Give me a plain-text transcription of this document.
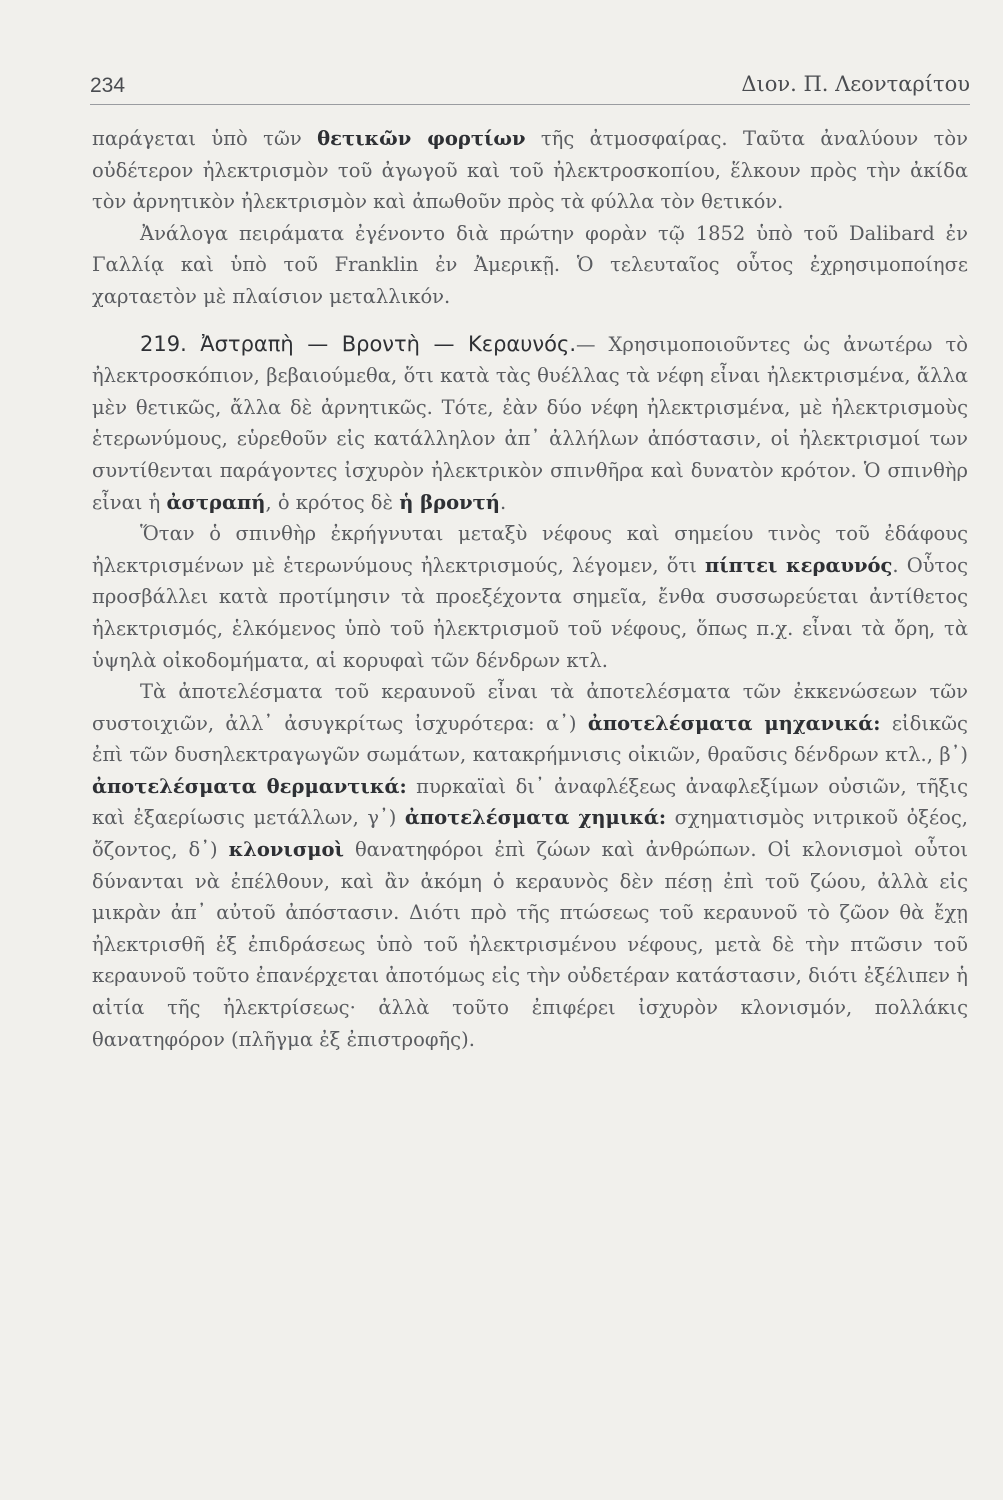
234	Διον. Π. Λεονταρίτου

παράγεται ὑπὸ τῶν θετικῶν φορτίων τῆς ἀτμοσφαίρας. Ταῦτα ἀναλύουν τὸν οὐδέτερον ἠλεκτρισμὸν τοῦ ἀγωγοῦ καὶ τοῦ ἠλεκτροσκοπίου, ἕλκουν πρὸς τὴν ἀκίδα τὸν ἀρνητικὸν ἠλεκτρισμὸν καὶ ἀπωθοῦν πρὸς τὰ φύλλα τὸν θετικόν.

Ἀνάλογα πειράματα ἐγένοντο διὰ πρώτην φορὰν τῷ 1852 ὑπὸ τοῦ Dalibard ἐν Γαλλίᾳ καὶ ὑπὸ τοῦ Franklin ἐν Ἀμερικῇ. Ὁ τελευταῖος οὗτος ἐχρησιμοποίησε χαρταετὸν μὲ πλαίσιον μεταλλικόν.

219. Ἀστραπὴ — Βροντὴ — Κεραυνός.— Χρησιμοποιοῦντες ὡς ἀνωτέρω τὸ ἠλεκτροσκόπιον, βεβαιούμεθα, ὅτι κατὰ τὰς θυέλλας τὰ νέφη εἶναι ἠλεκτρισμένα, ἄλλα μὲν θετικῶς, ἄλλα δὲ ἀρνητικῶς. Τότε, ἐὰν δύο νέφη ἠλεκτρισμένα, μὲ ἠλεκτρισμοὺς ἑτερωνύμους, εὑρεθοῦν εἰς κατάλληλον ἀπ᾿ ἀλλήλων ἀπόστασιν, οἱ ἠλεκτρισμοί των συντίθενται παράγοντες ἰσχυρὸν ἠλεκτρικὸν σπινθῆρα καὶ δυνατὸν κρότον. Ὁ σπινθὴρ εἶναι ἡ ἀστραπή, ὁ κρότος δὲ ἡ βροντή.

Ὅταν ὁ σπινθὴρ ἐκρήγνυται μεταξὺ νέφους καὶ σημείου τινὸς τοῦ ἐδάφους ἠλεκτρισμένων μὲ ἑτερωνύμους ἠλεκτρισμούς, λέγομεν, ὅτι πίπτει κεραυνός. Οὗτος προσβάλλει κατὰ προτίμησιν τὰ προεξέχοντα σημεῖα, ἔνθα συσσωρεύεται ἀντίθετος ἠλεκτρισμός, ἑλκόμενος ὑπὸ τοῦ ἠλεκτρισμοῦ τοῦ νέφους, ὅπως π.χ. εἶναι τὰ ὄρη, τὰ ὑψηλὰ οἰκοδομήματα, αἱ κορυφαὶ τῶν δένδρων κτλ.

Τὰ ἀποτελέσματα τοῦ κεραυνοῦ εἶναι τὰ ἀποτελέσματα τῶν ἐκκενώσεων τῶν συστοιχιῶν, ἀλλ᾿ ἀσυγκρίτως ἰσχυρότερα: α᾿) ἀποτελέσματα μηχανικά: εἰδικῶς ἐπὶ τῶν δυσηλεκτραγωγῶν σωμάτων, κατακρήμνισις οἰκιῶν, θραῦσις δένδρων κτλ., β᾿) ἀποτελέσματα θερμαντικά: πυρκαϊαὶ δι᾿ ἀναφλέξεως ἀναφλεξίμων οὐσιῶν, τῆξις καὶ ἐξαερίωσις μετάλλων, γ᾿) ἀποτελέσματα χημικά: σχηματισμὸς νιτρικοῦ ὀξέος, ὄζοντος, δ᾿) κλονισμοὶ θανατηφόροι ἐπὶ ζώων καὶ ἀνθρώπων. Οἱ κλονισμοὶ οὗτοι δύνανται νὰ ἐπέλθουν, καὶ ἂν ἀκόμη ὁ κεραυνὸς δὲν πέσῃ ἐπὶ τοῦ ζώου, ἀλλὰ εἰς μικρὰν ἀπ᾿ αὐτοῦ ἀπόστασιν. Διότι πρὸ τῆς πτώσεως τοῦ κεραυνοῦ τὸ ζῶον θὰ ἔχῃ ἠλεκτρισθῆ ἐξ ἐπιδράσεως ὑπὸ τοῦ ἠλεκτρισμένου νέφους, μετὰ δὲ τὴν πτῶσιν τοῦ κεραυνοῦ τοῦτο ἐπανέρχεται ἀποτόμως εἰς τὴν οὐδετέραν κατάστασιν, διότι ἐξέλιπεν ἡ αἰτία τῆς ἠλεκτρίσεως· ἀλλὰ τοῦτο ἐπιφέρει ἰσχυρὸν κλονισμόν, πολλάκις θανατηφόρον (πλῆγμα ἐξ ἐπιστροφῆς).
